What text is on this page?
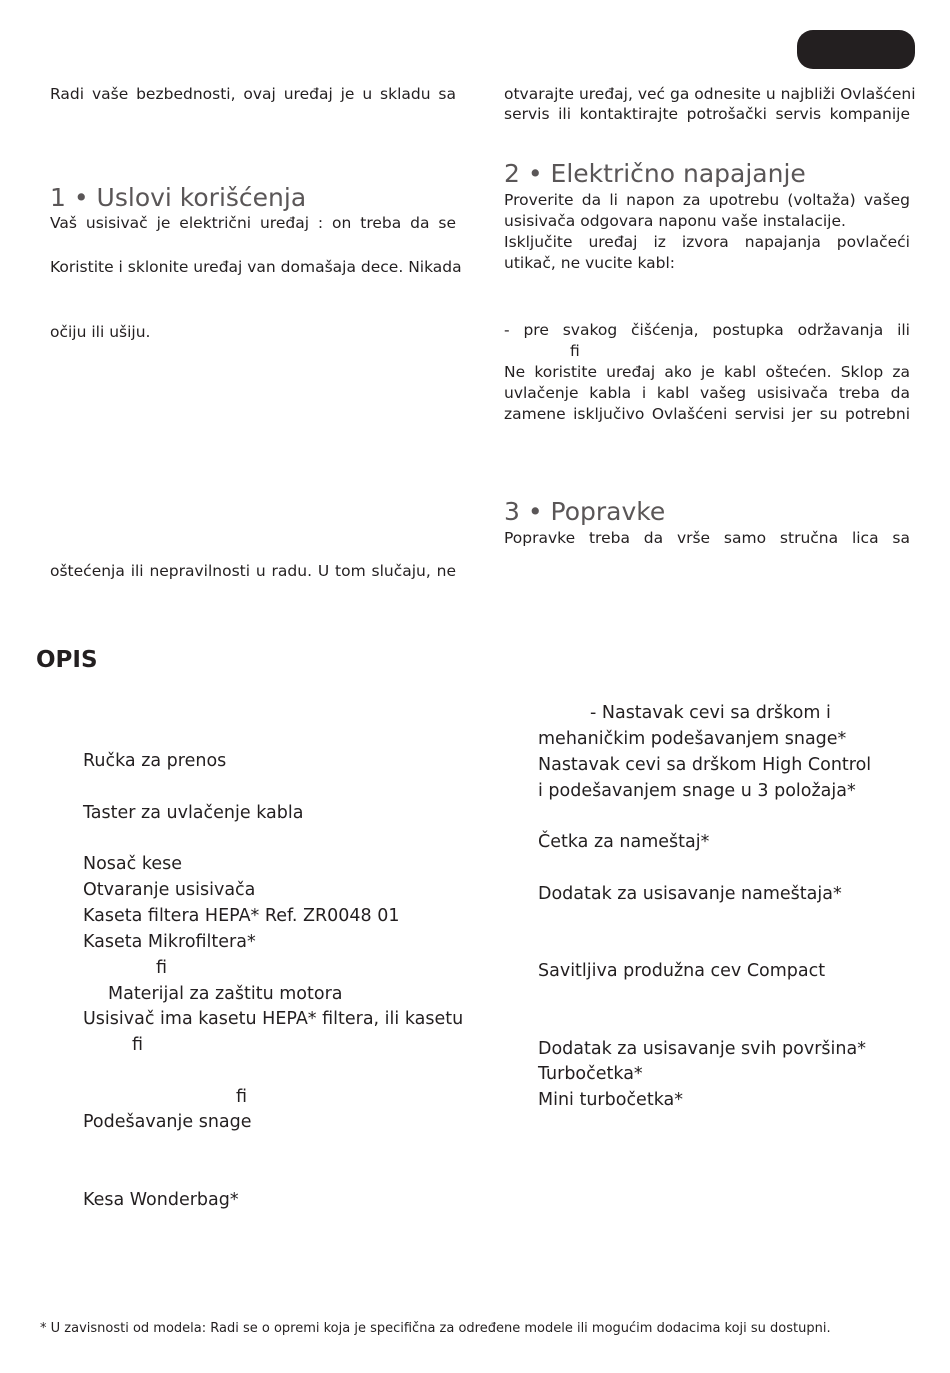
Radi vaše bezbednosti, ovaj uređaj je u skladu sa
1 • Uslovi korišćenja
Vaš usisivač je električni uređaj : on treba da se
Koristite i sklonite uređaj van domašaja dece. Nikada
očiju ili ušiju.
oštećenja ili nepravilnosti u radu. U tom slučaju, ne
otvarajte uređaj, već ga odnesite u najbliži Ovlašćeni
servis ili kontaktirajte potrošački servis kompanije
2 • Električno napajanje
Proverite da li napon za upotrebu (voltaža) vašeg
usisivača odgovara naponu vaše instalacije.
Isključite uređaj iz izvora napajanja povlačeći
utikač, ne vucite kabl:
- pre svakog čišćenja, postupka održavanja ili
ﬁ
Ne koristite uređaj ako je kabl oštećen. Sklop za
uvlačenje kabla i kabl vašeg usisivača treba da
zamene isključivo Ovlašćeni servisi jer su potrebni
3 • Popravke
Popravke treba da vrše samo stručna lica sa
OPIS
Ručka za prenos
Taster za uvlačenje kabla
Nosač kese
Otvaranje usisivača
Kaseta ﬁltera HEPA* Ref. ZR0048 01
Kaseta Mikroﬁltera*
ﬁ
Materijal za zaštitu motora
Usisivač ima kasetu HEPA* ﬁltera, ili kasetu
ﬁ
ﬁ
Podešavanje snage
Kesa Wonderbag*
- Nastavak cevi sa drškom i
mehaničkim podešavanjem snage*
Nastavak cevi sa drškom High Control
i podešavanjem snage u 3 položaja*
Četka za nameštaj*
Dodatak za usisavanje nameštaja*
Savitljiva produžna cev Compact
Dodatak za usisavanje svih površina*
Turbočetka*
Mini turbočetka*
* U zavisnosti od modela: Radi se o opremi koja je speciﬁčna za određene modele ili mogućim dodacima koji su dostupni.
